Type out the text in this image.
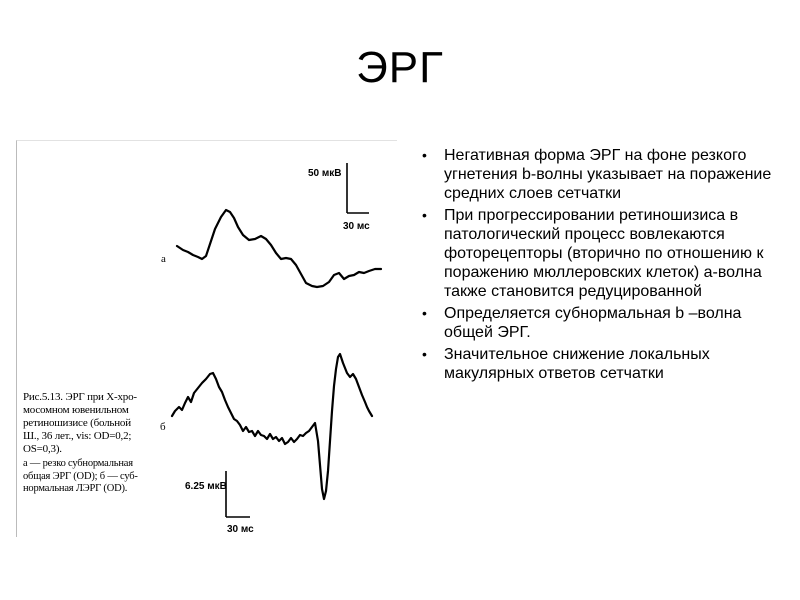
ЭРГ
50 мкВ
30 мс
a
б
6.25 мкВ
30 мс
Рис.5.13. ЭРГ при X-хро-
мосомном ювенильном
ретиношизисе (больной
Ш., 36 лет., vis: OD=0,2;
OS=0,3).
а — резко субнормальная
общая ЭРГ (OD); б — суб-
нормальная ЛЭРГ (OD).
• Негативная форма ЭРГ на фоне резкого угнетения b-волны указывает на поражение средних слоев сетчатки
• При прогрессировании ретиношизиса в патологический процесс вовлекаются фоторецепторы (вторично по отношению к поражению мюллеровских клеток) а-волна также становится редуцированной
• Определяется субнормальная b –волна общей ЭРГ.
• Значительное снижение локальных макулярных ответов сетчатки
